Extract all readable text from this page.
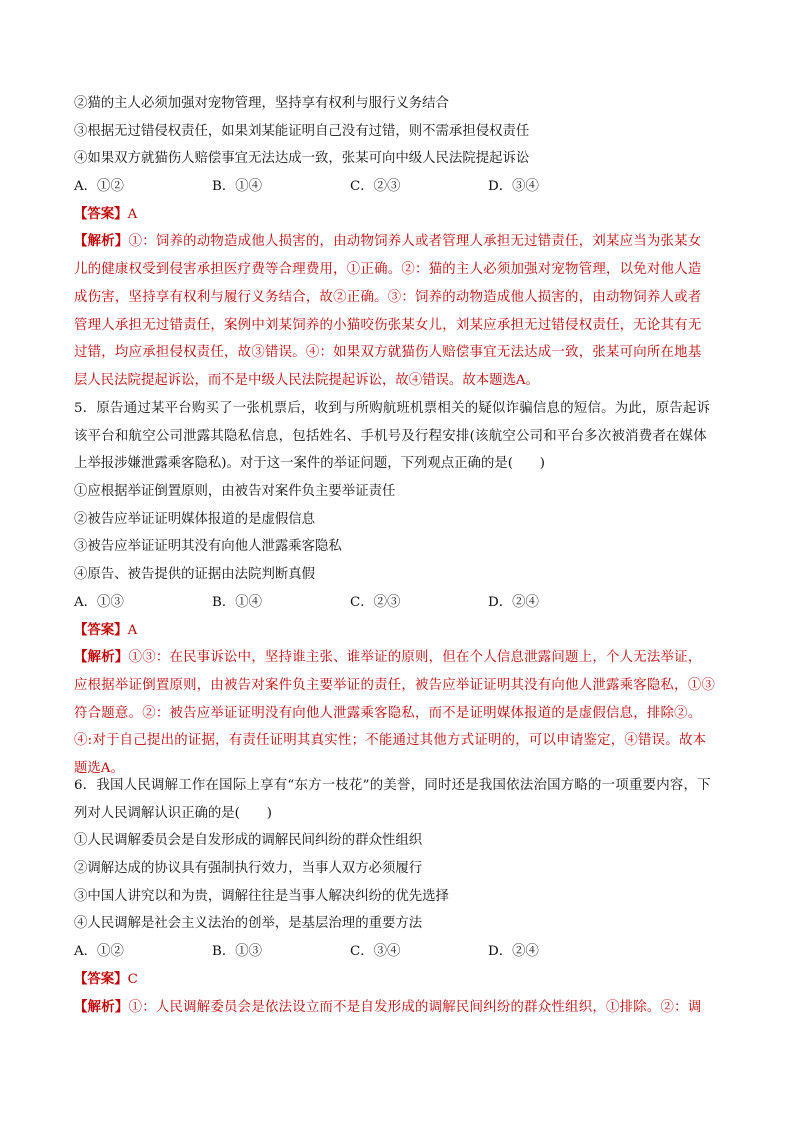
②猫的主人必须加强对宠物管理，坚持享有权利与服行义务结合
③根据无过错侵权责任，如果刘某能证明自己没有过错，则不需承担侵权责任
④如果双方就猫伤人赔偿事宜无法达成一致，张某可向中级人民法院提起诉讼
A．①②	B．①④	C．②③	D．③④
【答案】A
【解析】①：饲养的动物造成他人损害的，由动物饲养人或者管理人承担无过错责任，刘某应当为张某女
儿的健康权受到侵害承担医疗费等合理费用，①正确。②：猫的主人必须加强对宠物管理，以免对他人造
成伤害，坚持享有权利与履行义务结合，故②正确。③：饲养的动物造成他人损害的，由动物饲养人或者
管理人承担无过错责任，案例中刘某饲养的小猫咬伤张某女儿，刘某应承担无过错侵权责任，无论其有无
过错，均应承担侵权责任，故③错误。④：如果双方就猫伤人赔偿事宜无法达成一致，张某可向所在地基
层人民法院提起诉讼，而不是中级人民法院提起诉讼，故④错误。故本题选A。
5．原告通过某平台购买了一张机票后，收到与所购航班机票相关的疑似诈骗信息的短信。为此，原告起诉
该平台和航空公司泄露其隐私信息，包括姓名、手机号及行程安排(该航空公司和平台多次被消费者在媒体
上举报涉嫌泄露乘客隐私)。对于这一案件的举证问题，下列观点正确的是(　　)
①应根据举证倒置原则，由被告对案件负主要举证责任
②被告应举证证明媒体报道的是虚假信息
③被告应举证证明其没有向他人泄露乘客隐私
④原告、被告提供的证据由法院判断真假
A．①③	B．①④	C．②③	D．②④
【答案】A
【解析】①③：在民事诉讼中，坚持谁主张、谁举证的原则，但在个人信息泄露问题上，个人无法举证，
应根据举证倒置原则，由被告对案件负主要举证的责任，被告应举证证明其没有向他人泄露乘客隐私，①③
符合题意。②：被告应举证证明没有向他人泄露乘客隐私，而不是证明媒体报道的是虚假信息，排除②。
④:对于自己提出的证据，有责任证明其真实性；不能通过其他方式证明的，可以申请鉴定，④错误。故本
题选A。
6．我国人民调解工作在国际上享有“东方一枝花”的美誉，同时还是我国依法治国方略的一项重要内容，下
列对人民调解认识正确的是(　　)
①人民调解委员会是自发形成的调解民间纠纷的群众性组织
②调解达成的协议具有强制执行效力，当事人双方必须履行
③中国人讲究以和为贵，调解往往是当事人解决纠纷的优先选择
④人民调解是社会主义法治的创举，是基层治理的重要方法
A．①②	B．①③	C．③④	D．②④
【答案】C
【解析】①：人民调解委员会是依法设立而不是自发形成的调解民间纠纷的群众性组织，①排除。②：调
